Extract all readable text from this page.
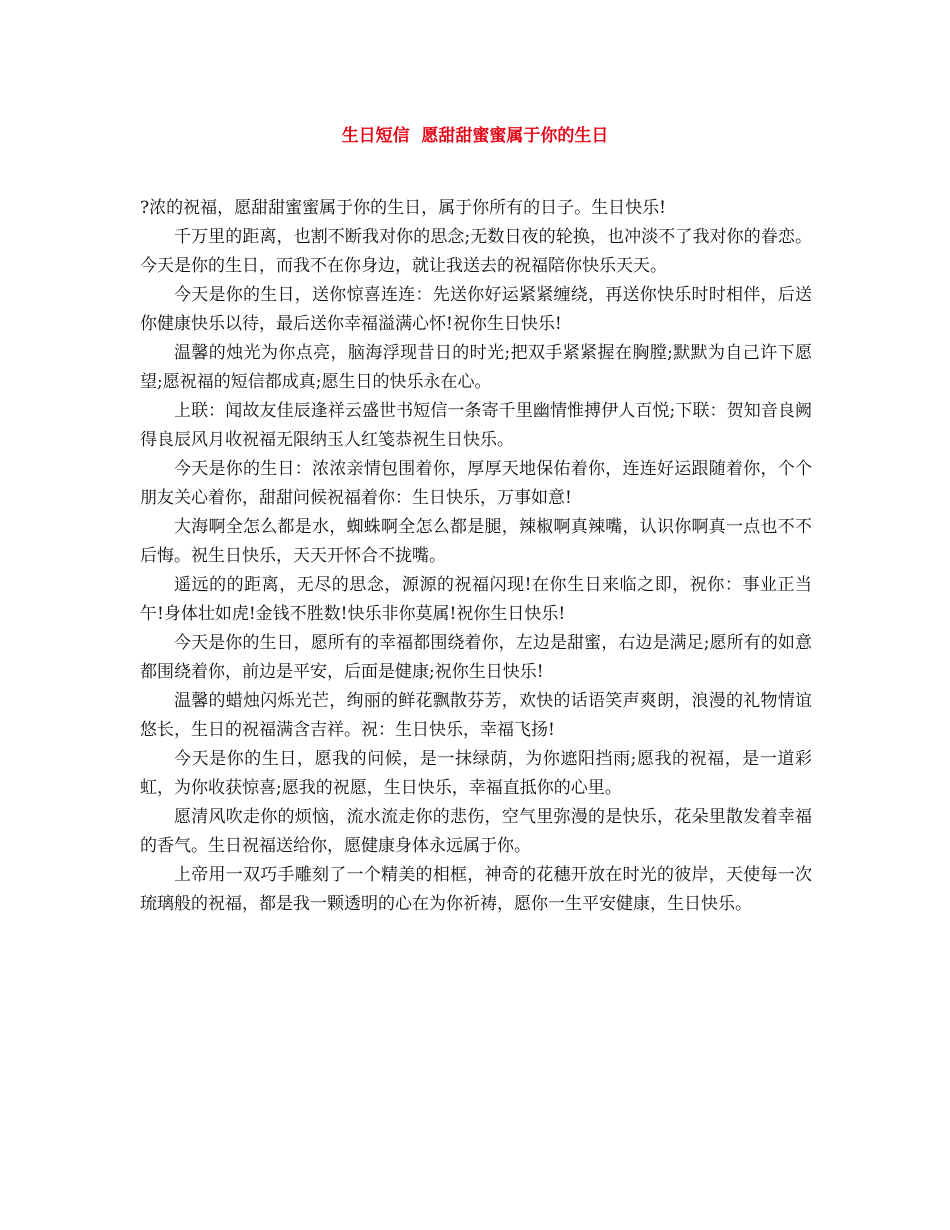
生日短信  愿甜甜蜜蜜属于你的生日

?浓的祝福，愿甜甜蜜蜜属于你的生日，属于你所有的日子。生日快乐!

千万里的距离，也割不断我对你的思念;无数日夜的轮换，也冲淡不了我对你的眷恋。今天是你的生日，而我不在你身边，就让我送去的祝福陪你快乐天天。

今天是你的生日，送你惊喜连连：先送你好运紧紧缠绕，再送你快乐时时相伴，后送你健康快乐以待，最后送你幸福溢满心怀!祝你生日快乐!

温馨的烛光为你点亮，脑海浮现昔日的时光;把双手紧紧握在胸膛;默默为自己许下愿望;愿祝福的短信都成真;愿生日的快乐永在心。

上联：闻故友佳辰逢祥云盛世书短信一条寄千里幽情惟搏伊人百悦;下联：贺知音良阙得良辰风月收祝福无限纳玉人红笺恭祝生日快乐。

今天是你的生日：浓浓亲情包围着你，厚厚天地保佑着你，连连好运跟随着你，个个朋友关心着你，甜甜问候祝福着你：生日快乐，万事如意!

大海啊全怎么都是水，蜘蛛啊全怎么都是腿，辣椒啊真辣嘴，认识你啊真一点也不不后悔。祝生日快乐，天天开怀合不拢嘴。

遥远的的距离，无尽的思念，源源的祝福闪现!在你生日来临之即，祝你：事业正当午!身体壮如虎!金钱不胜数!快乐非你莫属!祝你生日快乐!

今天是你的生日，愿所有的幸福都围绕着你，左边是甜蜜，右边是满足;愿所有的如意都围绕着你，前边是平安，后面是健康;祝你生日快乐!

温馨的蜡烛闪烁光芒，绚丽的鲜花飘散芬芳，欢快的话语笑声爽朗，浪漫的礼物情谊悠长，生日的祝福满含吉祥。祝：生日快乐，幸福飞扬!

今天是你的生日，愿我的问候，是一抹绿荫，为你遮阳挡雨;愿我的祝福，是一道彩虹，为你收获惊喜;愿我的祝愿，生日快乐，幸福直抵你的心里。

愿清风吹走你的烦恼，流水流走你的悲伤，空气里弥漫的是快乐，花朵里散发着幸福的香气。生日祝福送给你，愿健康身体永远属于你。

上帝用一双巧手雕刻了一个精美的相框，神奇的花穗开放在时光的彼岸，天使每一次琉璃般的祝福，都是我一颗透明的心在为你祈祷，愿你一生平安健康，生日快乐。
